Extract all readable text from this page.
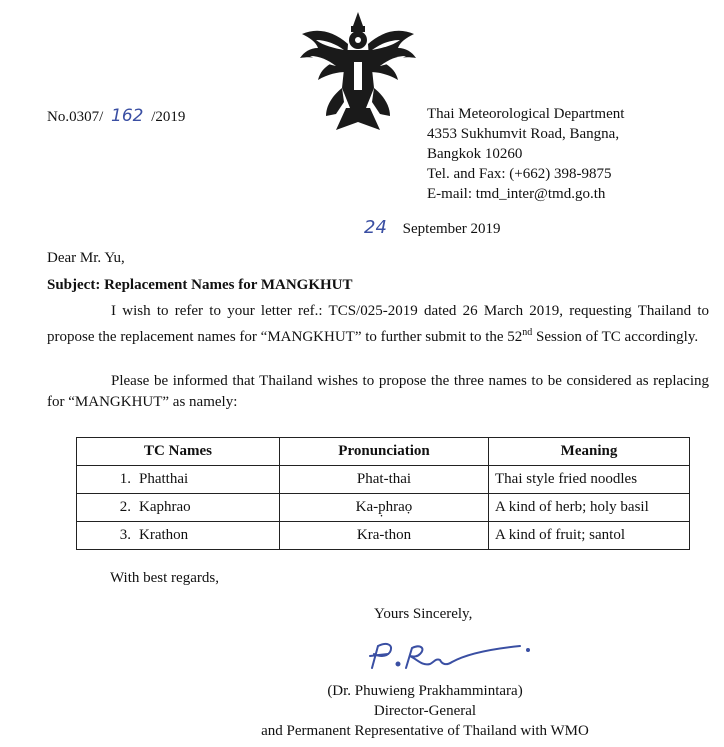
No.0307/ 162 /2019	Thai Meteorological Department
4353 Sukhumvit Road, Bangna,
Bangkok 10260
Tel. and Fax: (+662) 398-9875
E-mail: tmd_inter@tmd.go.th
24 September 2019
Dear Mr. Yu,
Subject: Replacement Names for MANGKHUT
I wish to refer to your letter ref.: TCS/025-2019 dated 26 March 2019, requesting Thailand to propose the replacement names for “MANGKHUT” to further submit to the 52nd Session of TC accordingly.
Please be informed that Thailand wishes to propose the three names to be considered as replacing for “MANGKHUT” as namely:
TC Names	Pronunciation	Meaning
1. Phatthai	Phat-thai	Thai style fried noodles
2. Kaphrao	Ka-p̣hraọ	A kind of herb; holy basil
3. Krathon	Kra-thon	A kind of fruit; santol
With best regards,
Yours Sincerely,
(Dr. Phuwieng Prakhammintara)
Director-General
and Permanent Representative of Thailand with WMO
